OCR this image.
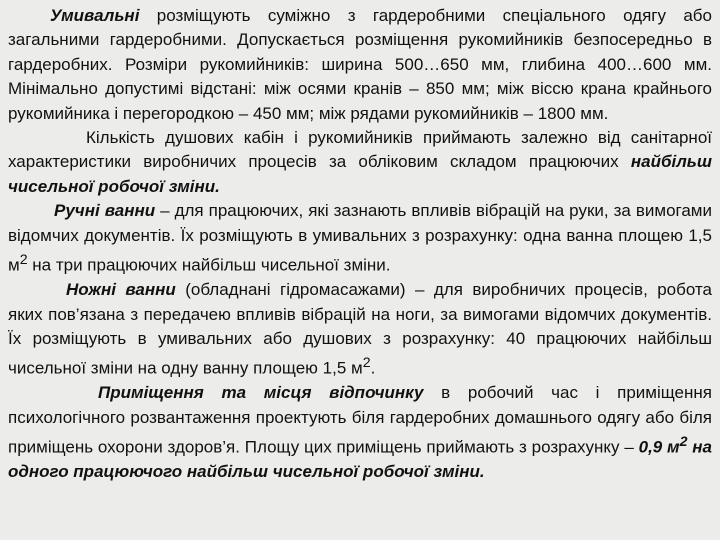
Умивальні розміщують суміжно з гардеробними спеціального одягу або загальними гардеробними. Допускається розміщення рукомийників безпосередньо в гардеробних. Розміри рукомийників: ширина 500…650 мм, глибина 400…600 мм. Мінімально допустимі відстані: між осями кранів – 850 мм; між віссю крана крайнього рукомийника і перегородкою – 450 мм; між рядами рукомийників – 1800 мм.

Кількість душових кабін і рукомийників приймають залежно від санітарної характеристики виробничих процесів за обліковим складом працюючих найбільш чисельної робочої зміни.

Ручні ванни – для працюючих, які зазнають впливів вібрацій на руки, за вимогами відомчих документів. Їх розміщують в умивальних з розрахунку: одна ванна площею 1,5 $м^2$ на три працюючих найбільш чисельної зміни.

Ножні ванни (обладнані гідромасажами) – для виробничих процесів, робота яких пов’язана з передачею впливів вібрацій на ноги, за вимогами відомчих документів. Їх розміщують в умивальних або душових з розрахунку: 40 працюючих найбільш чисельної зміни на одну ванну площею 1,5 $м^2$.

Приміщення та місця відпочинку в робочий час і приміщення психологічного розвантаження проектують біля гардеробних домашнього одягу або біля приміщень охорони здоров’я. Площу цих приміщень приймають з розрахунку – 0,9 $м^2$ на одного працюючого найбільш чисельної робочої зміни.
